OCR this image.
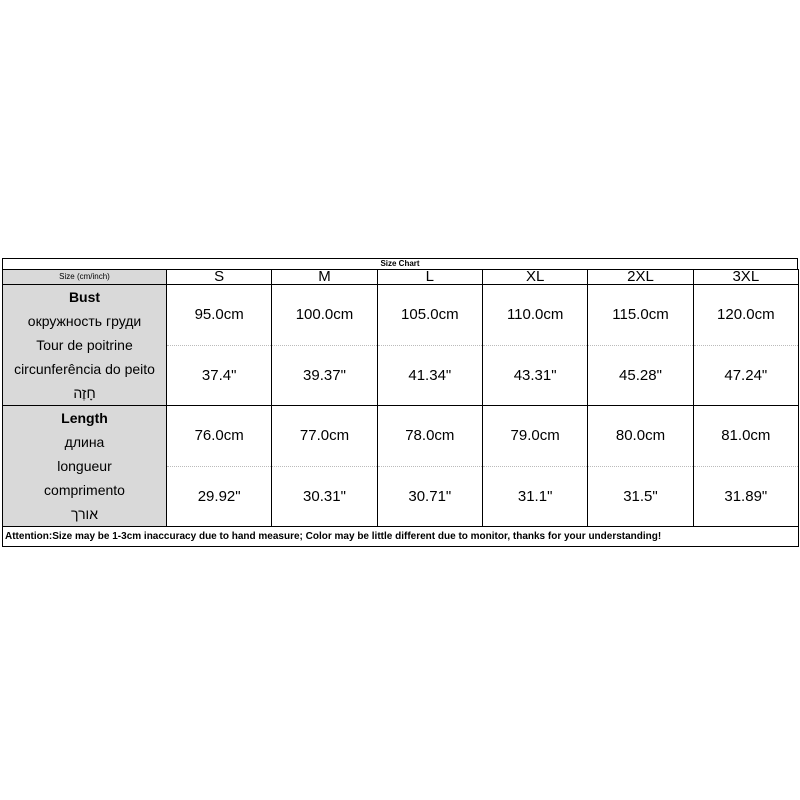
Size Chart
Size (cm/inch)	S	M	L	XL	2XL	3XL

Bust
окружность груди
Tour de poitrine
circunferência do peito
חָזֶה	95.0cm	100.0cm	105.0cm	110.0cm	115.0cm	120.0cm
	37.4"	39.37"	41.34"	43.31"	45.28"	47.24"

Length
длина
longueur
comprimento
אורך	76.0cm	77.0cm	78.0cm	79.0cm	80.0cm	81.0cm
	29.92"	30.31"	30.71"	31.1"	31.5"	31.89"
Attention:Size may be 1-3cm inaccuracy due to hand measure; Color may be little different due to monitor, thanks for your understanding!
